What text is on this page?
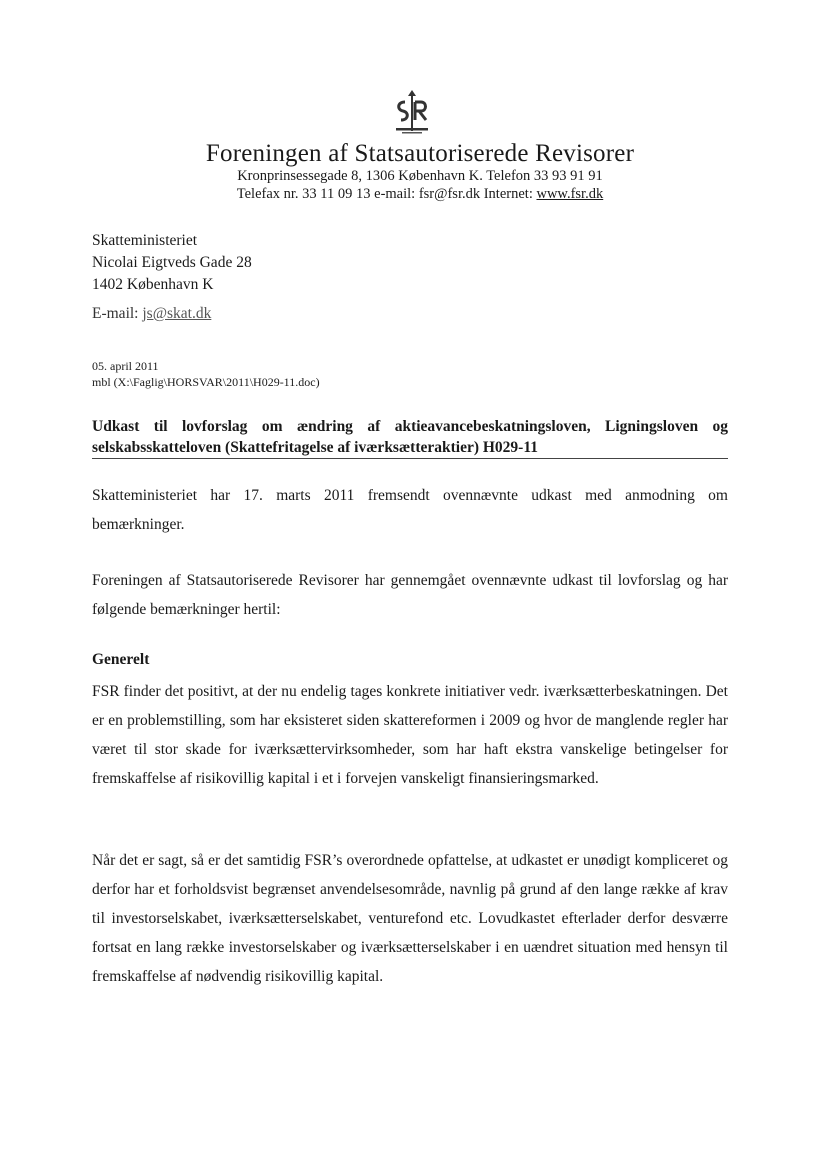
Foreningen af Statsautoriserede Revisorer
Kronprinsessegade 8, 1306 København K. Telefon 33 93 91 91
Telefax nr. 33 11 09 13 e-mail: fsr@fsr.dk Internet: www.fsr.dk
Skatteministeriet
Nicolai Eigtveds Gade 28
1402 København K
E-mail: js@skat.dk
05. april 2011
mbl (X:\Faglig\HORSVAR\2011\H029-11.doc)
Udkast til lovforslag om ændring af aktieavancebeskatningsloven, Ligningsloven og selskabsskatteloven (Skattefritagelse af iværksætteraktier) H029-11
Skatteministeriet har 17. marts 2011 fremsendt ovennævnte udkast med anmodning om bemærkninger.
Foreningen af Statsautoriserede Revisorer har gennemgået ovennævnte udkast til lovforslag og har følgende bemærkninger hertil:
Generelt
FSR finder det positivt, at der nu endelig tages konkrete initiativer vedr. iværksætterbeskatningen. Det er en problemstilling, som har eksisteret siden skattereformen i 2009 og hvor de manglende regler har været til stor skade for iværksættervirksomheder, som har haft ekstra vanskelige betingelser for fremskaffelse af risikovillig kapital i et i forvejen vanskeligt finansieringsmarked.
Når det er sagt, så er det samtidig FSR’s overordnede opfattelse, at udkastet er unødigt kompliceret og derfor har et forholdsvist begrænset anvendelsesområde, navnlig på grund af den lange række af krav til investorselskabet, iværksætterselskabet, venturefond etc. Lovudkastet efterlader derfor desværre fortsat en lang række investorselskaber og iværksætterselskaber i en uændret situation med hensyn til fremskaffelse af nødvendig risikovillig kapital.
